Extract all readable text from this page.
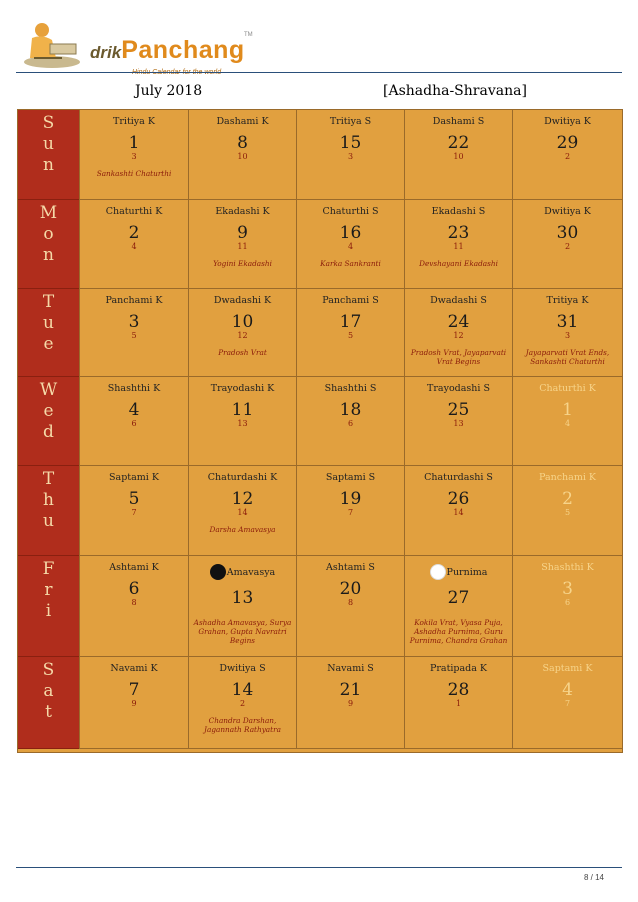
drikPanchang
TM
July 2018	[Ashadha-Shravana]
S
u
n
Tritiya K
1
3
Sankashti Chaturthi
Dashami K
8
10
Tritiya S
15
3
Dashami S
22
10
Dwitiya K
29
2
M
o
n
Chaturthi K
2
4
Ekadashi K
9
11
Yogini Ekadashi
Chaturthi S
16
4
Karka Sankranti
Ekadashi S
23
11
Devshayani Ekadashi
Dwitiya K
30
2
T
u
e
Panchami K
3
5
Dwadashi K
10
12
Pradosh Vrat
Panchami S
17
5
Dwadashi S
24
12
Pradosh Vrat, Jayaparvati Vrat Begins
Tritiya K
31
3
Jayaparvati Vrat Ends, Sankashti Chaturthi
W
e
d
Shashthi K
4
6
Trayodashi K
11
13
Shashthi S
18
6
Trayodashi S
25
13
Chaturthi K
1
4
T
h
u
Saptami K
5
7
Chaturdashi K
12
14
Darsha Amavasya
Saptami S
19
7
Chaturdashi S
26
14
Panchami K
2
5
F
r
i
Ashtami K
6
8
Amavasya
13
Ashadha Amavasya, Surya Grahan, Gupta Navratri Begins
Ashtami S
20
8
Purnima
27
Kokila Vrat, Vyasa Puja, Ashadha Purnima, Guru Purnima, Chandra Grahan
Shashthi K
3
6
S
a
t
Navami K
7
9
Dwitiya S
14
2
Chandra Darshan, Jagannath Rathyatra
Navami S
21
9
Pratipada K
28
1
Saptami K
4
7
8 / 14
